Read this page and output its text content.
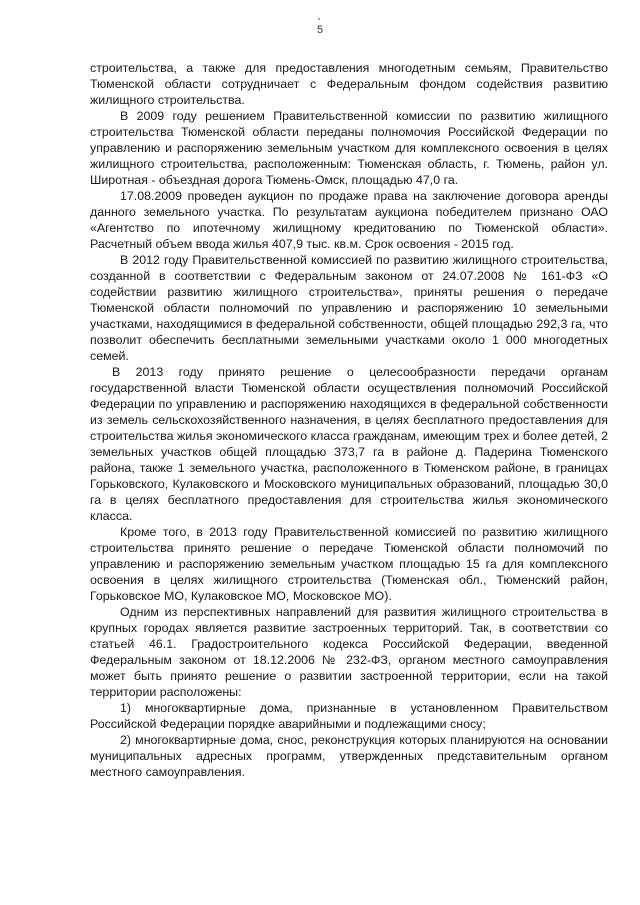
5

строительства, а также для предоставления многодетным семьям, Правительство Тюменской области сотрудничает с Федеральным фондом содействия развитию жилищного строительства.

В 2009 году решением Правительственной комиссии по развитию жилищного строительства Тюменской области переданы полномочия Российской Федерации по управлению и распоряжению земельным участком для комплексного освоения в целях жилищного строительства, расположенным: Тюменская область, г. Тюмень, район ул. Широтная - объездная дорога Тюмень-Омск, площадью 47,0 га.

17.08.2009 проведен аукцион по продаже права на заключение договора аренды данного земельного участка. По результатам аукциона победителем признано ОАО «Агентство по ипотечному жилищному кредитованию по Тюменской области». Расчетный объем ввода жилья 407,9 тыс. кв.м. Срок освоения - 2015 год.

В 2012 году Правительственной комиссией по развитию жилищного строительства, созданной в соответствии с Федеральным законом от 24.07.2008 № 161-ФЗ «О содействии развитию жилищного строительства», приняты решения о передаче Тюменской области полномочий по управлению и распоряжению 10 земельными участками, находящимися в федеральной собственности, общей площадью 292,3 га, что позволит обеспечить бесплатными земельными участками около 1 000 многодетных семей.

В 2013 году принято решение о целесообразности передачи органам государственной власти Тюменской области осуществления полномочий Российской Федерации по управлению и распоряжению находящихся в федеральной собственности из земель сельскохозяйственного назначения, в целях бесплатного предоставления для строительства жилья экономического класса гражданам, имеющим трех и более детей, 2 земельных участков общей площадью 373,7 га в районе д. Падерина Тюменского района, также 1 земельного участка, расположенного в Тюменском районе, в границах Горьковского, Кулаковского и Московского муниципальных образований, площадью 30,0 га в целях бесплатного предоставления для строительства жилья экономического класса.

Кроме того, в 2013 году Правительственной комиссией по развитию жилищного строительства принято решение о передаче Тюменской области полномочий по управлению и распоряжению земельным участком площадью 15 га для комплексного освоения в целях жилищного строительства (Тюменская обл., Тюменский район, Горьковское МО, Кулаковское МО, Московское МО).

Одним из перспективных направлений для развития жилищного строительства в крупных городах является развитие застроенных территорий. Так, в соответствии со статьей 46.1. Градостроительного кодекса Российской Федерации, введенной Федеральным законом от 18.12.2006 № 232-ФЗ, органом местного самоуправления может быть принято решение о развитии застроенной территории, если на такой территории расположены:

1) многоквартирные дома, признанные в установленном Правительством Российской Федерации порядке аварийными и подлежащими сносу;

2) многоквартирные дома, снос, реконструкция которых планируются на основании муниципальных адресных программ, утвержденных представительным органом местного самоуправления.
